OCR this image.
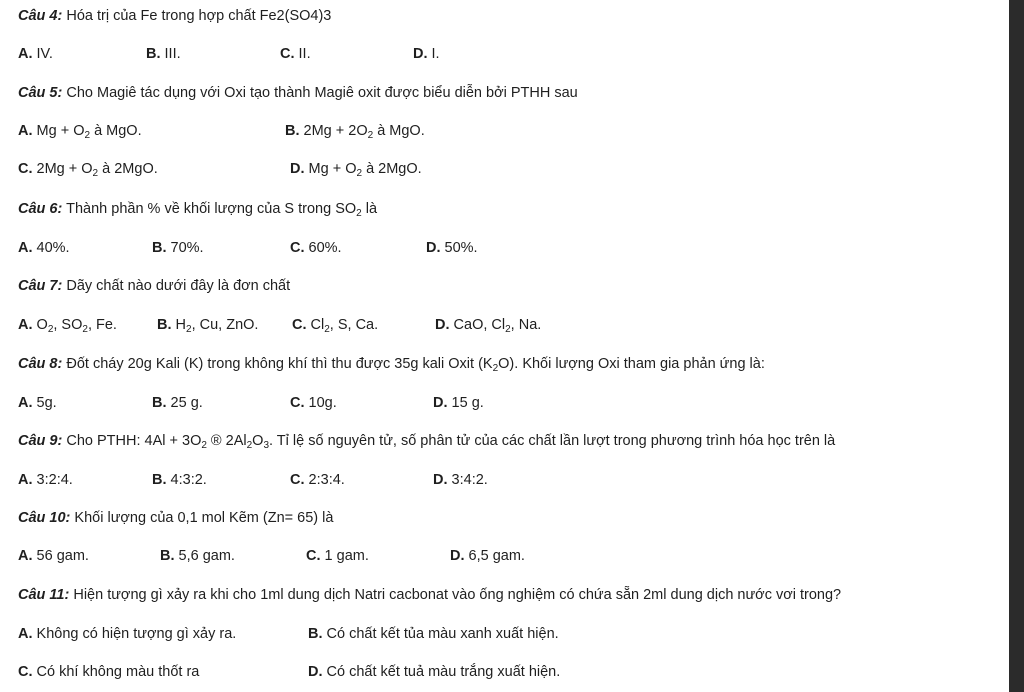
Câu 4: Hóa trị của Fe trong hợp chất Fe2(SO4)3
A. IV.	B. III.	C. II.	D. I.
Câu 5: Cho Magiê tác dụng với Oxi tạo thành Magiê oxit được biểu diễn bởi PTHH sau
A. $Mg + O_2$ à MgO.	B. $2Mg + 2O_2$ à MgO.
C. $2Mg + O_2$ à 2MgO.	D. $Mg + O_2$ à 2MgO.
Câu 6: Thành phần % về khối lượng của S trong $SO_2$ là
A. 40%.	B. 70%.	C. 60%.	D. 50%.
Câu 7: Dãy chất nào dưới đây là đơn chất
A. $O_2$, $SO_2$, Fe.	B. $H_2$, Cu, ZnO. C. $Cl_2$, S, Ca.	D. CaO, $Cl_2$, Na.
Câu 8: Đốt cháy 20g Kali (K) trong không khí thì thu được 35g kali Oxit $(K_2O)$. Khối lượng Oxi tham gia phản ứng là:
A. 5g.	B. 25 g.	C. 10g.	D. 15 g.
Câu 9: Cho PTHH: $4Al + 3O_2$ ® $2Al_2O_3$. Tỉ lệ số nguyên tử, số phân tử của các chất lần lượt trong phương trình hóa học trên là
A. 3:2:4.	B. 4:3:2.	C. 2:3:4.	D. 3:4:2.
Câu 10: Khối lượng của 0,1 mol Kẽm (Zn= 65) là
A. 56 gam.	B. 5,6 gam.	C. 1 gam.	D. 6,5 gam.
Câu 11: Hiện tượng gì xảy ra khi cho 1ml dung dịch Natri cacbonat vào ống nghiệm có chứa sẵn 2ml dung dịch nước vơi trong?
A. Không có hiện tượng gì xảy ra.	B. Có chất kết tủa màu xanh xuất hiện.
C. Có khí không màu thốt ra	D. Có chất kết tuả màu trắng xuất hiện.
